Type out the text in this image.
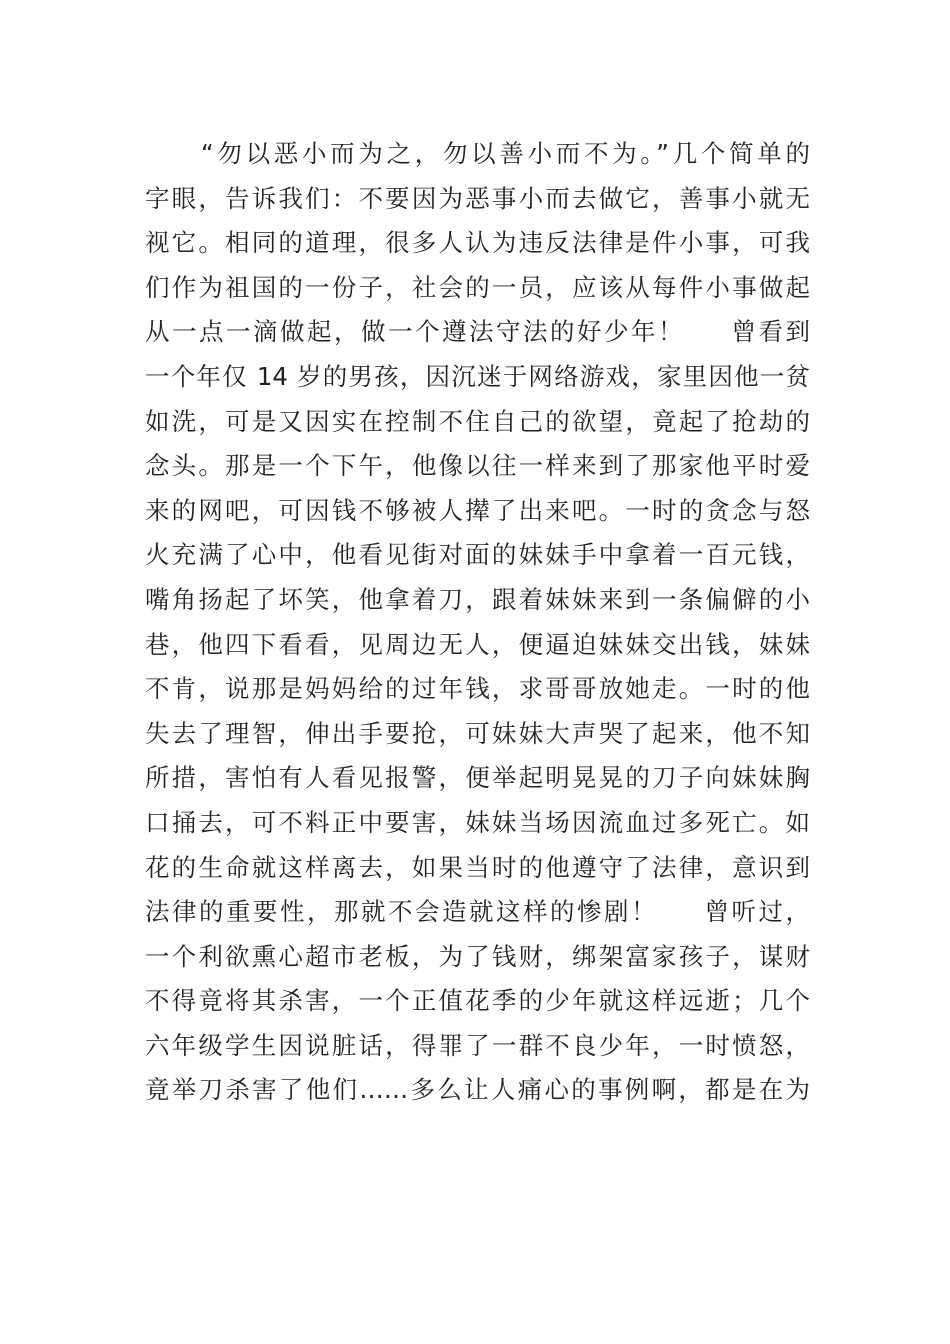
“勿以恶小而为之，勿以善小而不为。”几个简单的
字眼，告诉我们：不要因为恶事小而去做它，善事小就无
视它。相同的道理，很多人认为违反法律是件小事，可我
们作为祖国的一份子，社会的一员，应该从每件小事做起
从一点一滴做起，做一个遵法守法的好少年！ 曾看到
一个年仅 14 岁的男孩，因沉迷于网络游戏，家里因他一贫
如洗，可是又因实在控制不住自己的欲望，竟起了抢劫的
念头。那是一个下午，他像以往一样来到了那家他平时爱
来的网吧，可因钱不够被人撵了出来吧。一时的贪念与怒
火充满了心中，他看见街对面的妹妹手中拿着一百元钱，
嘴角扬起了坏笑，他拿着刀，跟着妹妹来到一条偏僻的小
巷，他四下看看，见周边无人，便逼迫妹妹交出钱，妹妹
不肯，说那是妈妈给的过年钱，求哥哥放她走。一时的他
失去了理智，伸出手要抢，可妹妹大声哭了起来，他不知
所措，害怕有人看见报警，便举起明晃晃的刀子向妹妹胸
口捅去，可不料正中要害，妹妹当场因流血过多死亡。如
花的生命就这样离去，如果当时的他遵守了法律，意识到
法律的重要性，那就不会造就这样的惨剧！ 曾听过，
一个利欲熏心超市老板，为了钱财，绑架富家孩子，谋财
不得竟将其杀害，一个正值花季的少年就这样远逝；几个
六年级学生因说脏话，得罪了一群不良少年，一时愤怒，
竟举刀杀害了他们……多么让人痛心的事例啊，都是在为
